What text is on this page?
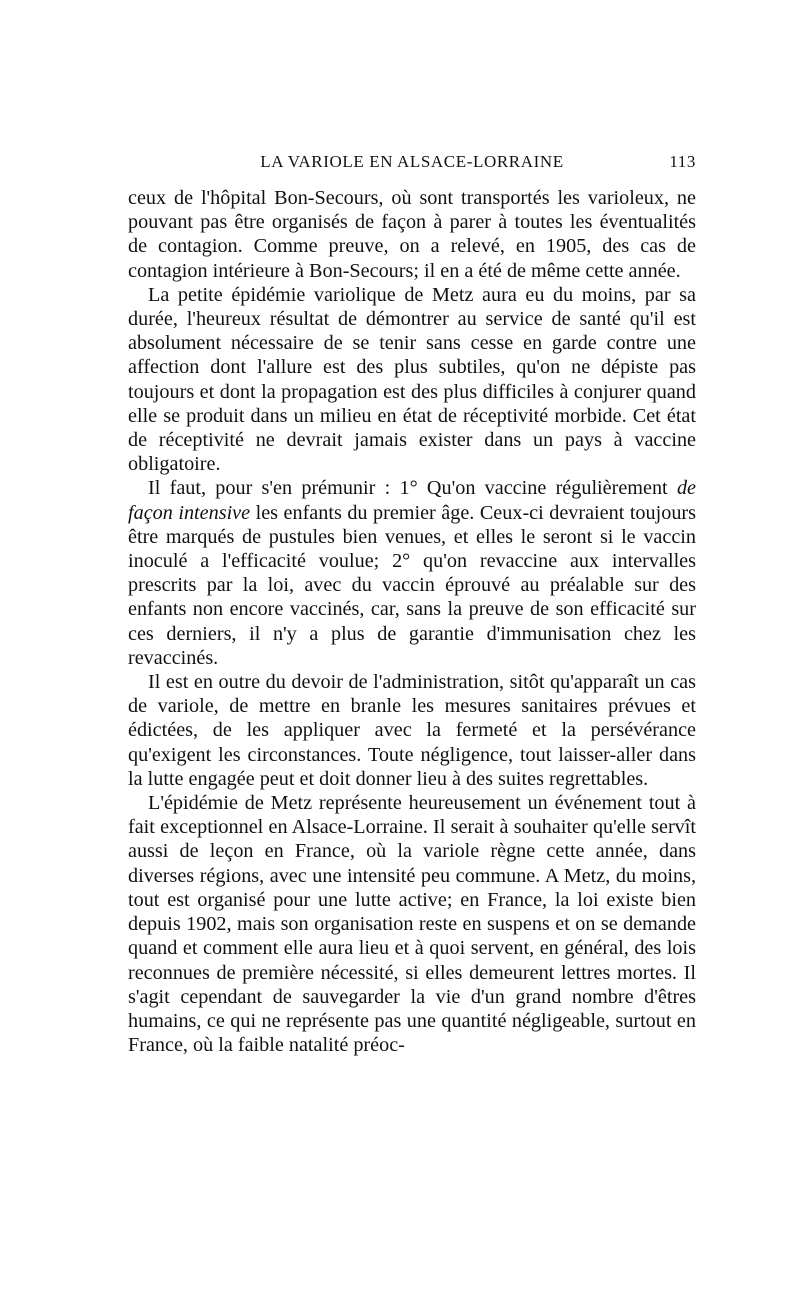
LA VARIOLE EN ALSACE-LORRAINE	113

ceux de l'hôpital Bon-Secours, où sont transportés les varioleux, ne pouvant pas être organisés de façon à parer à toutes les éventualités de contagion. Comme preuve, on a relevé, en 1905, des cas de contagion intérieure à Bon-Secours; il en a été de même cette année.

La petite épidémie variolique de Metz aura eu du moins, par sa durée, l'heureux résultat de démontrer au service de santé qu'il est absolument nécessaire de se tenir sans cesse en garde contre une affection dont l'allure est des plus subtiles, qu'on ne dépiste pas toujours et dont la propagation est des plus difficiles à conjurer quand elle se produit dans un milieu en état de réceptivité morbide. Cet état de réceptivité ne devrait jamais exister dans un pays à vaccine obligatoire.

Il faut, pour s'en prémunir : 1° Qu'on vaccine régulièrement de façon intensive les enfants du premier âge. Ceux-ci devraient toujours être marqués de pustules bien venues, et elles le seront si le vaccin inoculé a l'efficacité voulue; 2° qu'on revaccine aux intervalles prescrits par la loi, avec du vaccin éprouvé au préalable sur des enfants non encore vaccinés, car, sans la preuve de son efficacité sur ces derniers, il n'y a plus de garantie d'immunisation chez les revaccinés.

Il est en outre du devoir de l'administration, sitôt qu'apparaît un cas de variole, de mettre en branle les mesures sanitaires prévues et édictées, de les appliquer avec la fermeté et la persévérance qu'exigent les circonstances. Toute négligence, tout laisser-aller dans la lutte engagée peut et doit donner lieu à des suites regrettables.

L'épidémie de Metz représente heureusement un événement tout à fait exceptionnel en Alsace-Lorraine. Il serait à souhaiter qu'elle servît aussi de leçon en France, où la variole règne cette année, dans diverses régions, avec une intensité peu commune. A Metz, du moins, tout est organisé pour une lutte active; en France, la loi existe bien depuis 1902, mais son organisation reste en suspens et on se demande quand et comment elle aura lieu et à quoi servent, en général, des lois reconnues de première nécessité, si elles demeurent lettres mortes. Il s'agit cependant de sauvegarder la vie d'un grand nombre d'êtres humains, ce qui ne représente pas une quantité négligeable, surtout en France, où la faible natalité préoc-
